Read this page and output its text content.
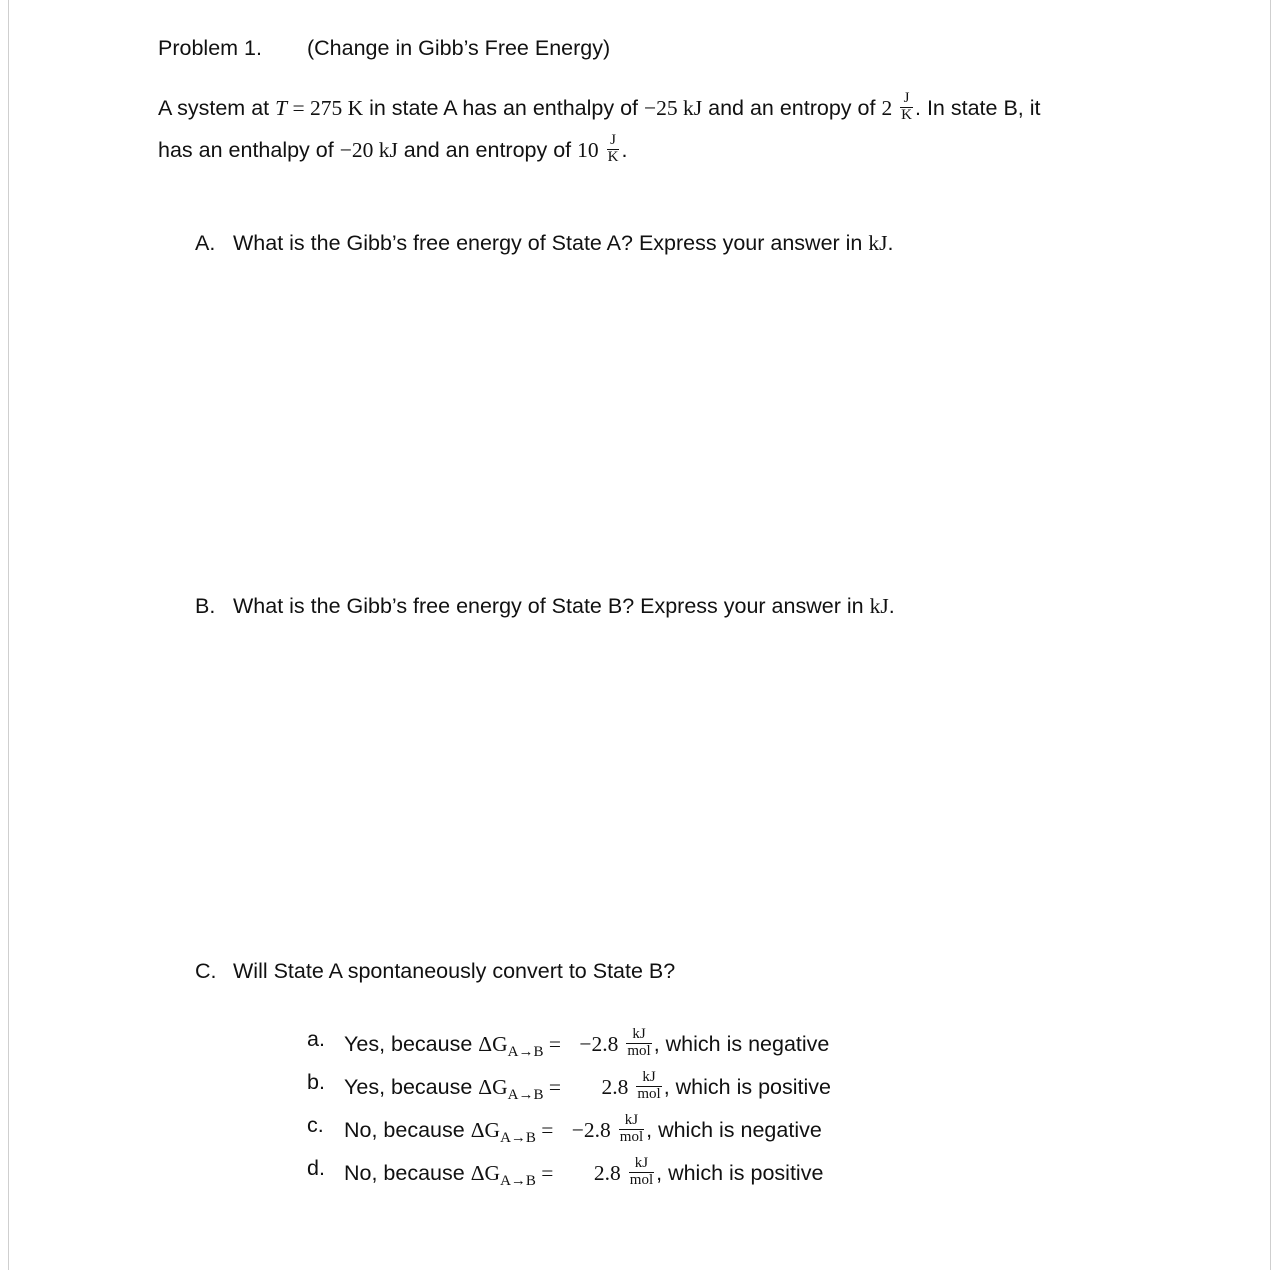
Problem 1. (Change in Gibb’s Free Energy)
A system at T = 275 K in state A has an enthalpy of −25 kJ and an entropy of $2 \frac{J}{K}$ . In state B, it
has an enthalpy of −20 kJ and an entropy of $10 \frac{J}{K}$ .
A. What is the Gibb’s free energy of State A? Express your answer in kJ.
B. What is the Gibb’s free energy of State B? Express your answer in kJ.
C. Will State A spontaneously convert to State B?
a. Yes, because $\Delta G_{A\to B} = -2.8 \frac{kJ}{\text{mol}}$ , which is negative
b. Yes, because $\Delta G_{A\to B} = 2.8 \frac{kJ}{\text{mol}}$ , which is positive
c. No, because $\Delta G_{A\to B} = -2.8 \frac{kJ}{\text{mol}}$ , which is negative
d. No, because $\Delta G_{A\to B} = 2.8 \frac{kJ}{\text{mol}}$ , which is positive
